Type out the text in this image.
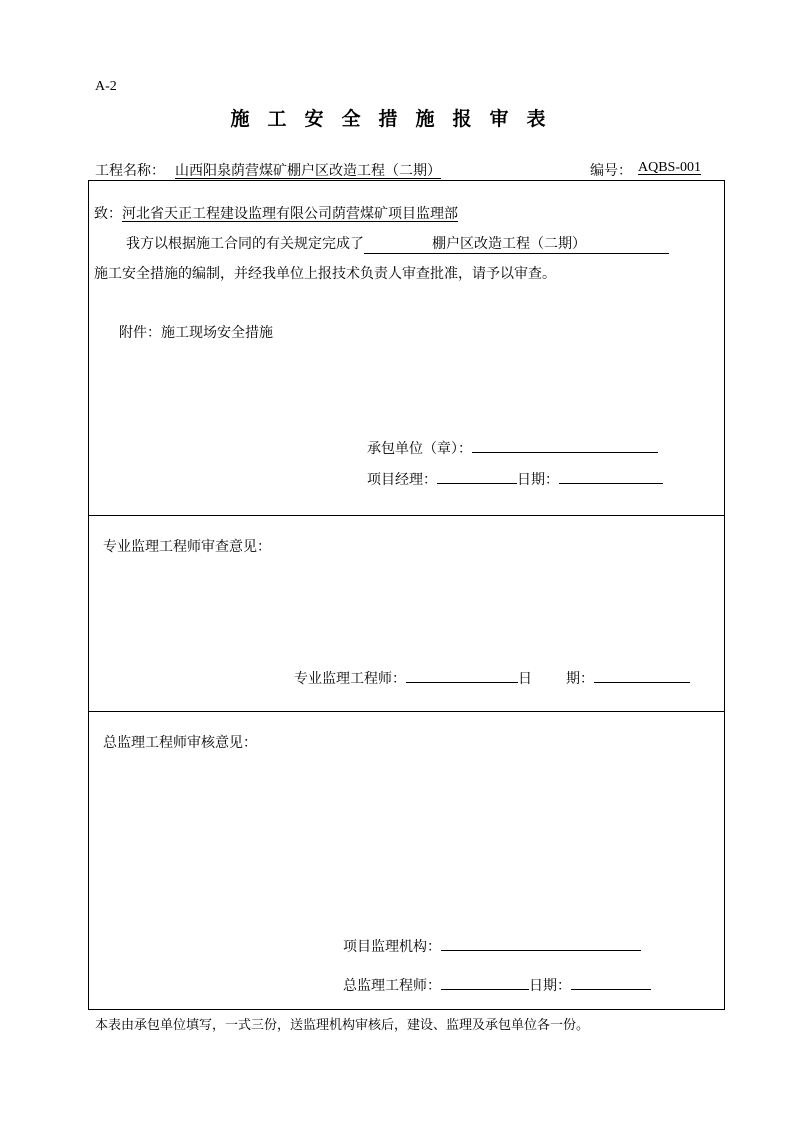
A-2
施工安全措施报审表
工程名称： 山西阳泉荫营煤矿棚户区改造工程（二期）	编号： AQBS-001
致：河北省天正工程建设监理有限公司荫营煤矿项目监理部
我方以根据施工合同的有关规定完成了	棚户区改造工程（二期）
施工安全措施的编制，并经我单位上报技术负责人审查批准，请予以审查。
附件：施工现场安全措施
承包单位（章）：
项目经理：	日期：
专业监理工程师审查意见：
专业监理工程师：	日 期：
总监理工程师审核意见：
项目监理机构：
总监理工程师：	日期：
本表由承包单位填写，一式三份，送监理机构审核后，建设、监理及承包单位各一份。
